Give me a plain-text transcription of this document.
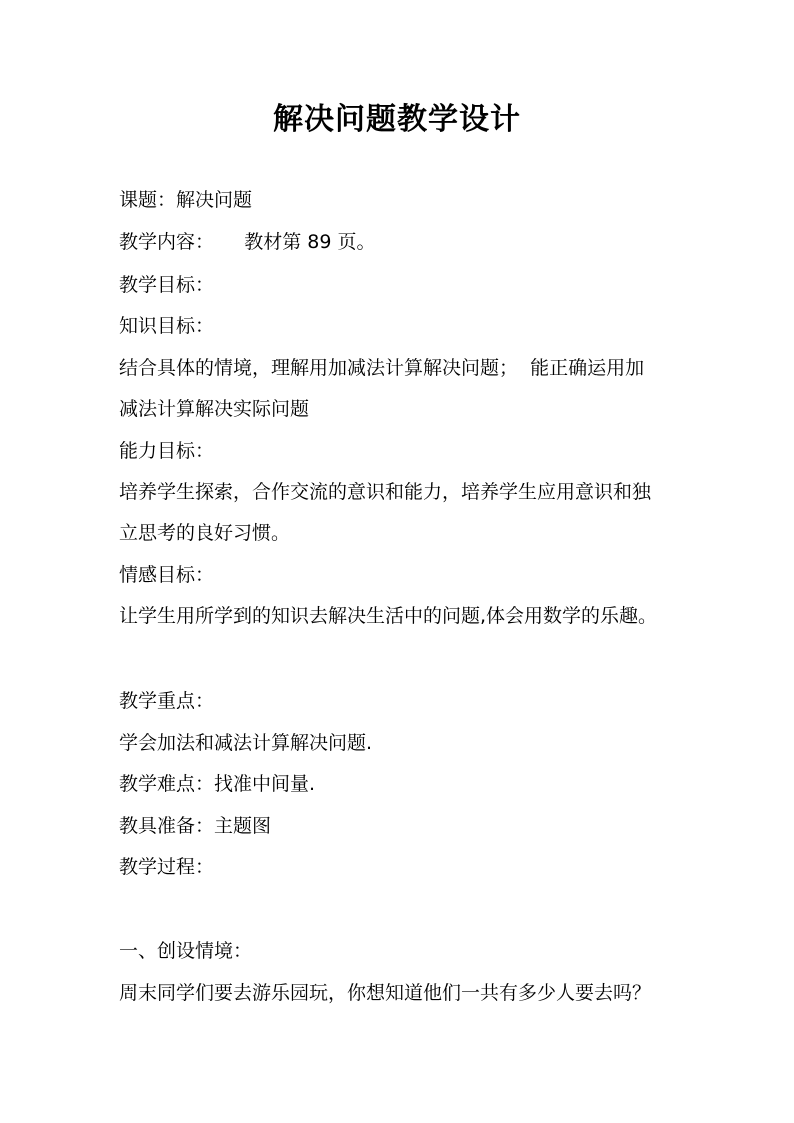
解决问题教学设计
课题：解决问题
教学内容：     教材第 89 页。
教学目标：
知识目标：
结合具体的情境，理解用加减法计算解决问题；  能正确运用加
减法计算解决实际问题
能力目标：
培养学生探索，合作交流的意识和能力，培养学生应用意识和独
立思考的良好习惯。
情感目标：
让学生用所学到的知识去解决生活中的问题,体会用数学的乐趣。
教学重点：
学会加法和减法计算解决问题.
教学难点：找准中间量.
教具准备：主题图
教学过程：
一、创设情境：
周末同学们要去游乐园玩，你想知道他们一共有多少人要去吗？
